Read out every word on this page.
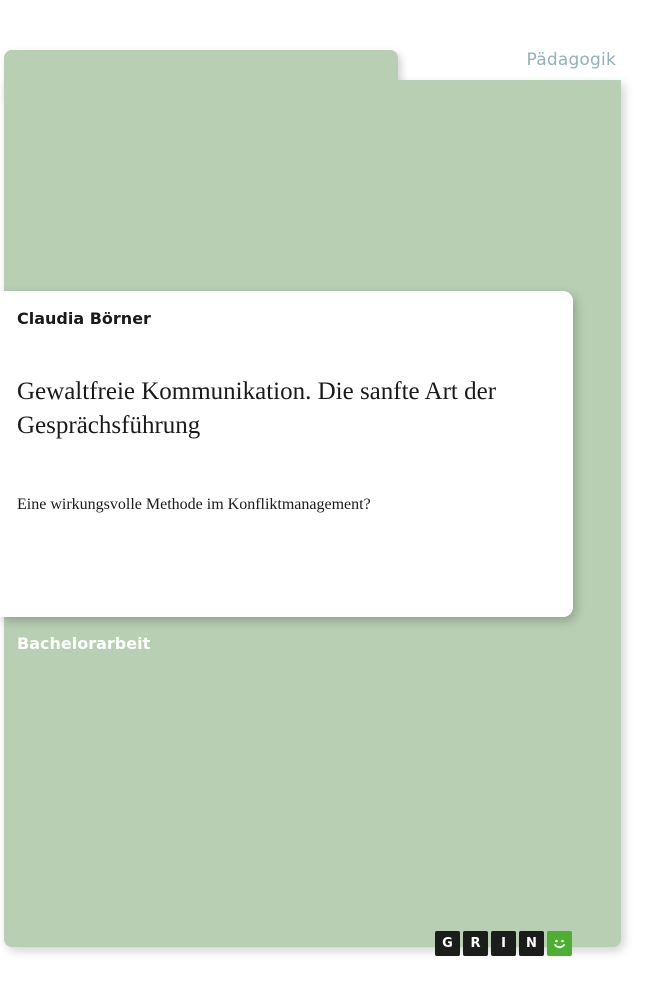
Pädagogik
Claudia Börner
Gewaltfreie Kommunikation. Die sanfte Art der Gesprächsführung
Eine wirkungsvolle Methode im Konfliktmanagement?
Bachelorarbeit
G	R	I	N
